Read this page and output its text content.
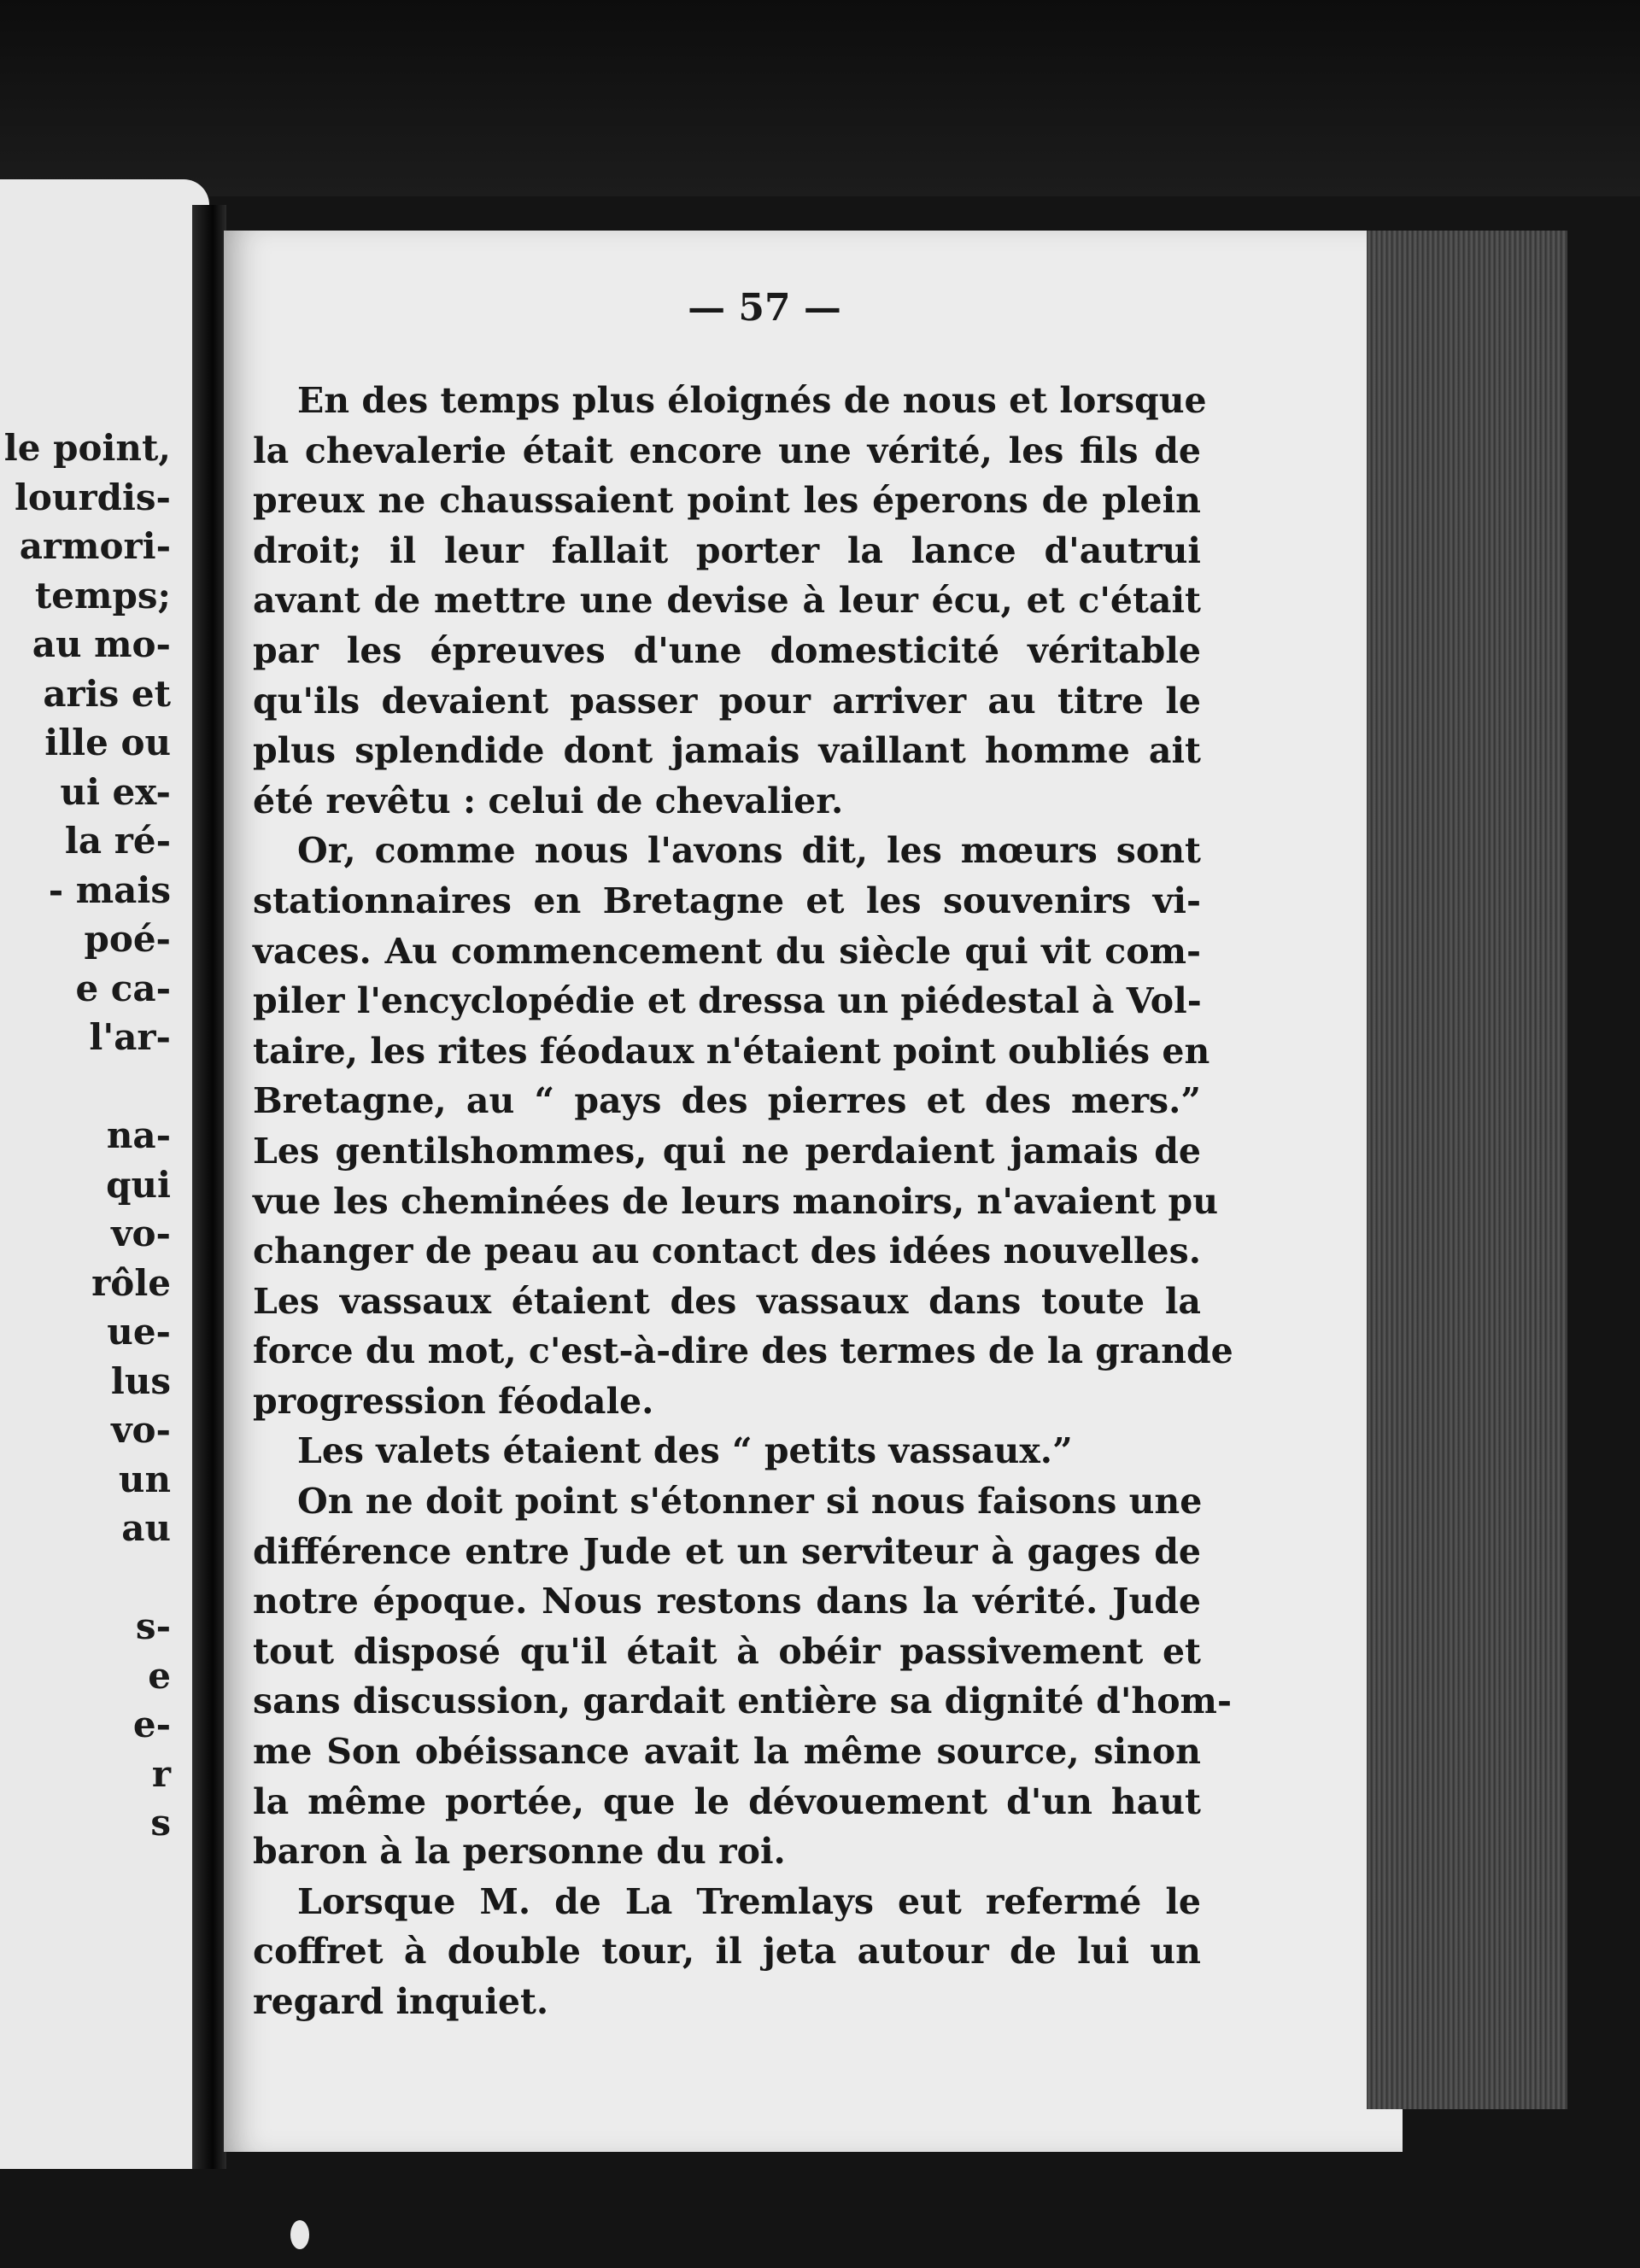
le point,
lourdis-
armori-
temps;
au mo-
aris et
ille ou
ui ex-
la ré-
- mais
poé-
e ca-
l'ar-
na-
qui
vo-
rôle
ue-
lus
vo-
un
au
s-
e
e-
r
s
— 57 —
En des temps plus éloignés de nous et lorsque
la chevalerie était encore une vérité, les fils de
preux ne chaussaient point les éperons de plein
droit; il leur fallait porter la lance d'autrui
avant de mettre une devise à leur écu, et c'était
par les épreuves d'une domesticité véritable
qu'ils devaient passer pour arriver au titre le
plus splendide dont jamais vaillant homme ait
été revêtu : celui de chevalier.
Or, comme nous l'avons dit, les mœurs sont
stationnaires en Bretagne et les souvenirs vi-
vaces. Au commencement du siècle qui vit com-
piler l'encyclopédie et dressa un piédestal à Vol-
taire, les rites féodaux n'étaient point oubliés en
Bretagne, au “ pays des pierres et des mers.”
Les gentilshommes, qui ne perdaient jamais de
vue les cheminées de leurs manoirs, n'avaient pu
changer de peau au contact des idées nouvelles.
Les vassaux étaient des vassaux dans toute la
force du mot, c'est-à-dire des termes de la grande
progression féodale.
Les valets étaient des “ petits vassaux.”
On ne doit point s'étonner si nous faisons une
différence entre Jude et un serviteur à gages de
notre époque. Nous restons dans la vérité. Jude
tout disposé qu'il était à obéir passivement et
sans discussion, gardait entière sa dignité d'hom-
me Son obéissance avait la même source, sinon
la même portée, que le dévouement d'un haut
baron à la personne du roi.
Lorsque M. de La Tremlays eut refermé le
coffret à double tour, il jeta autour de lui un
regard inquiet.
